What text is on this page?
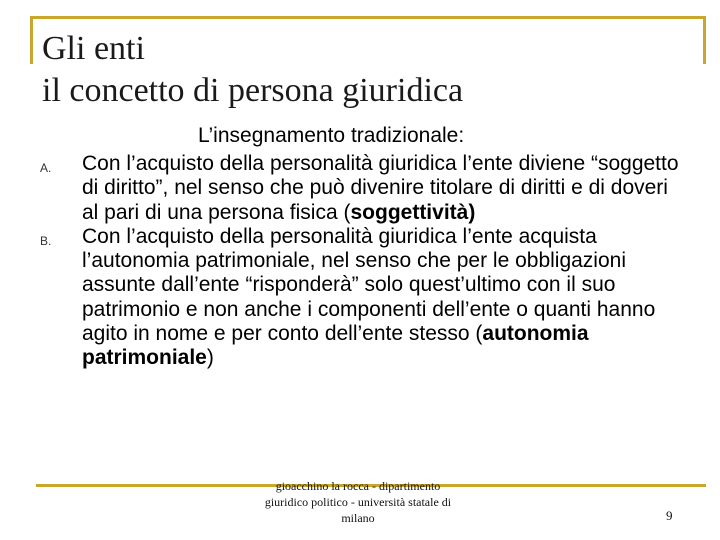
Gli enti
il concetto di persona giuridica
L’insegnamento tradizionale:
A.	Con l’acquisto della personalità giuridica l’ente diviene “soggetto di diritto”, nel senso che può divenire titolare di diritti e di doveri al pari di una persona fisica (soggettività)
B.	Con l’acquisto della personalità giuridica l’ente acquista l’autonomia patrimoniale, nel senso che per le obbligazioni assunte dall’ente “risponderà” solo quest’ultimo con il suo patrimonio e non anche i componenti dell’ente o quanti hanno agito in nome e per conto dell’ente stesso (autonomia patrimoniale)
gioacchino la rocca - dipartimento giuridico politico - università statale di milano	9
